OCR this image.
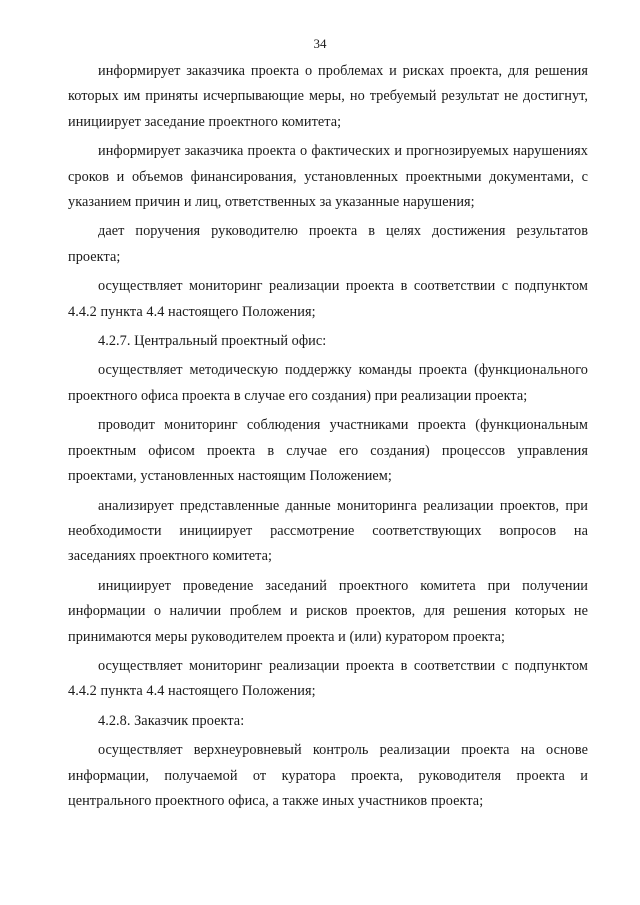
34

информирует заказчика проекта о проблемах и рисках проекта, для решения которых им приняты исчерпывающие меры, но требуемый результат не достигнут, инициирует заседание проектного комитета;

информирует заказчика проекта о фактических и прогнозируемых нарушениях сроков и объемов финансирования, установленных проектными документами, с указанием причин и лиц, ответственных за указанные нарушения;

дает поручения руководителю проекта в целях достижения результатов проекта;

осуществляет мониторинг реализации проекта в соответствии с подпунктом 4.4.2 пункта 4.4 настоящего Положения;

4.2.7. Центральный проектный офис:

осуществляет методическую поддержку команды проекта (функционального проектного офиса проекта в случае его создания) при реализации проекта;

проводит мониторинг соблюдения участниками проекта (функциональным проектным офисом проекта в случае его создания) процессов управления проектами, установленных настоящим Положением;

анализирует представленные данные мониторинга реализации проектов, при необходимости инициирует рассмотрение соответствующих вопросов на заседаниях проектного комитета;

инициирует проведение заседаний проектного комитета при получении информации о наличии проблем и рисков проектов, для решения которых не принимаются меры руководителем проекта и (или) куратором проекта;

осуществляет мониторинг реализации проекта в соответствии с подпунктом 4.4.2 пункта 4.4 настоящего Положения;

4.2.8. Заказчик проекта:

осуществляет верхнеуровневый контроль реализации проекта на основе информации, получаемой от куратора проекта, руководителя проекта и центрального проектного офиса, а также иных участников проекта;
